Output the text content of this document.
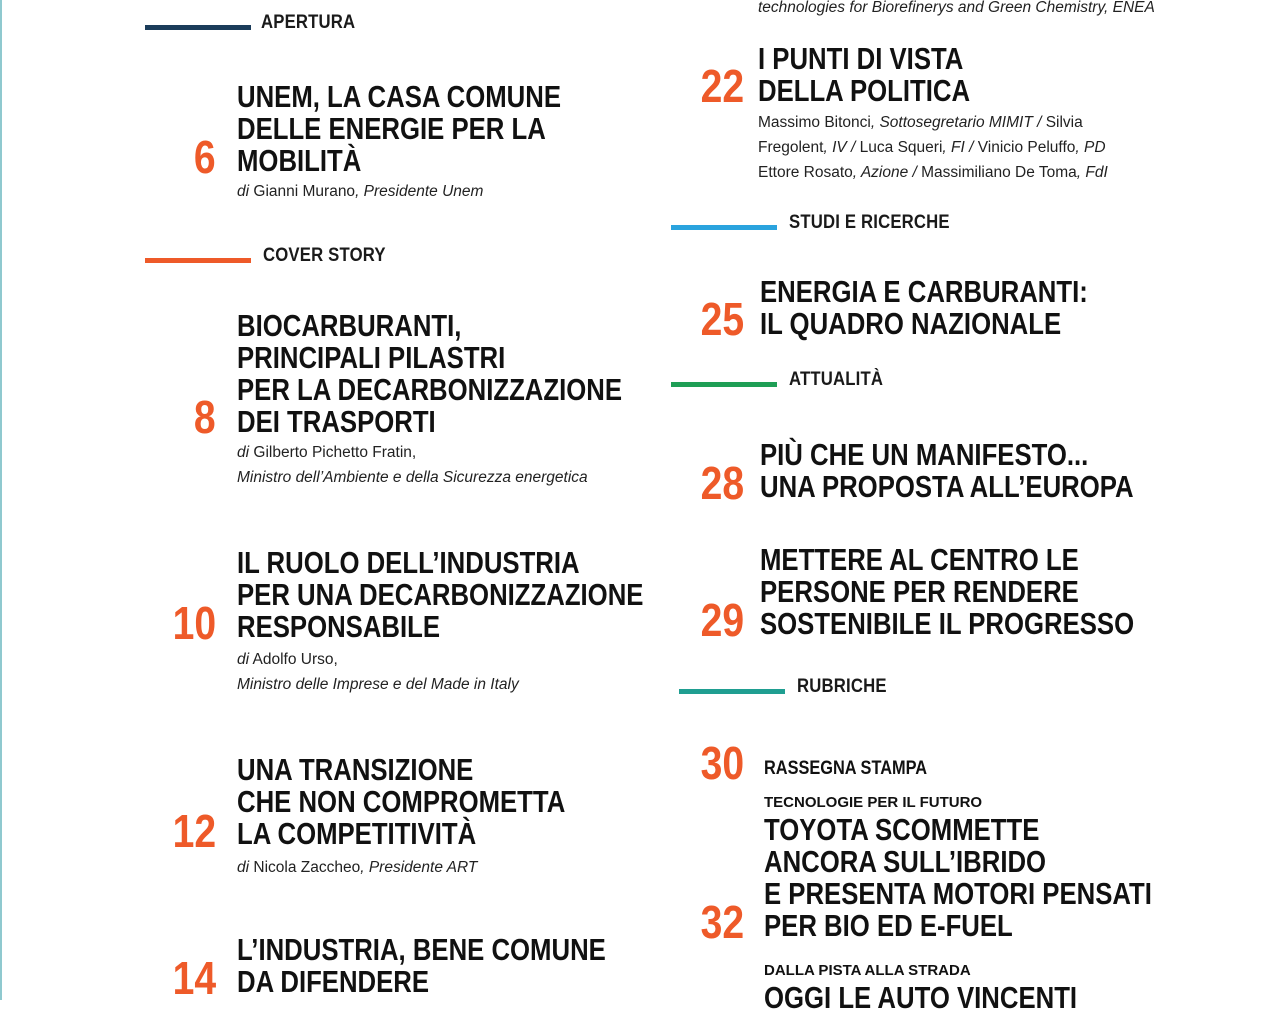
APERTURA
6
UNEM, LA CASA COMUNE
DELLE ENERGIE PER LA
MOBILITÀ
di Gianni Murano, Presidente Unem
COVER STORY
8
BIOCARBURANTI,
PRINCIPALI PILASTRI
PER LA DECARBONIZZAZIONE
DEI TRASPORTI
di Gilberto Pichetto Fratin,
Ministro dell’Ambiente e della Sicurezza energetica
10
IL RUOLO DELL’INDUSTRIA
PER UNA DECARBONIZZAZIONE
RESPONSABILE
di Adolfo Urso,
Ministro delle Imprese e del Made in Italy
12
UNA TRANSIZIONE
CHE NON COMPROMETTA
LA COMPETITIVITÀ
di Nicola Zaccheo, Presidente ART
14
L’INDUSTRIA, BENE COMUNE
DA DIFENDERE
technologies for Biorefinerys and Green Chemistry, ENEA
22
I PUNTI DI VISTA
DELLA POLITICA
Massimo Bitonci, Sottosegretario MIMIT / Silvia
Fregolent, IV / Luca Squeri, FI / Vinicio Peluffo, PD
Ettore Rosato, Azione / Massimiliano De Toma, FdI
STUDI E RICERCHE
25
ENERGIA E CARBURANTI:
IL QUADRO NAZIONALE
ATTUALITÀ
28
PIÙ CHE UN MANIFESTO...
UNA PROPOSTA ALL’EUROPA
29
METTERE AL CENTRO LE
PERSONE PER RENDERE
SOSTENIBILE IL PROGRESSO
RUBRICHE
30 RASSEGNA STAMPA
TECNOLOGIE PER IL FUTURO
32
TOYOTA SCOMMETTE
ANCORA SULL’IBRIDO
E PRESENTA MOTORI PENSATI
PER BIO ED E-FUEL
DALLA PISTA ALLA STRADA
OGGI LE AUTO VINCENTI
